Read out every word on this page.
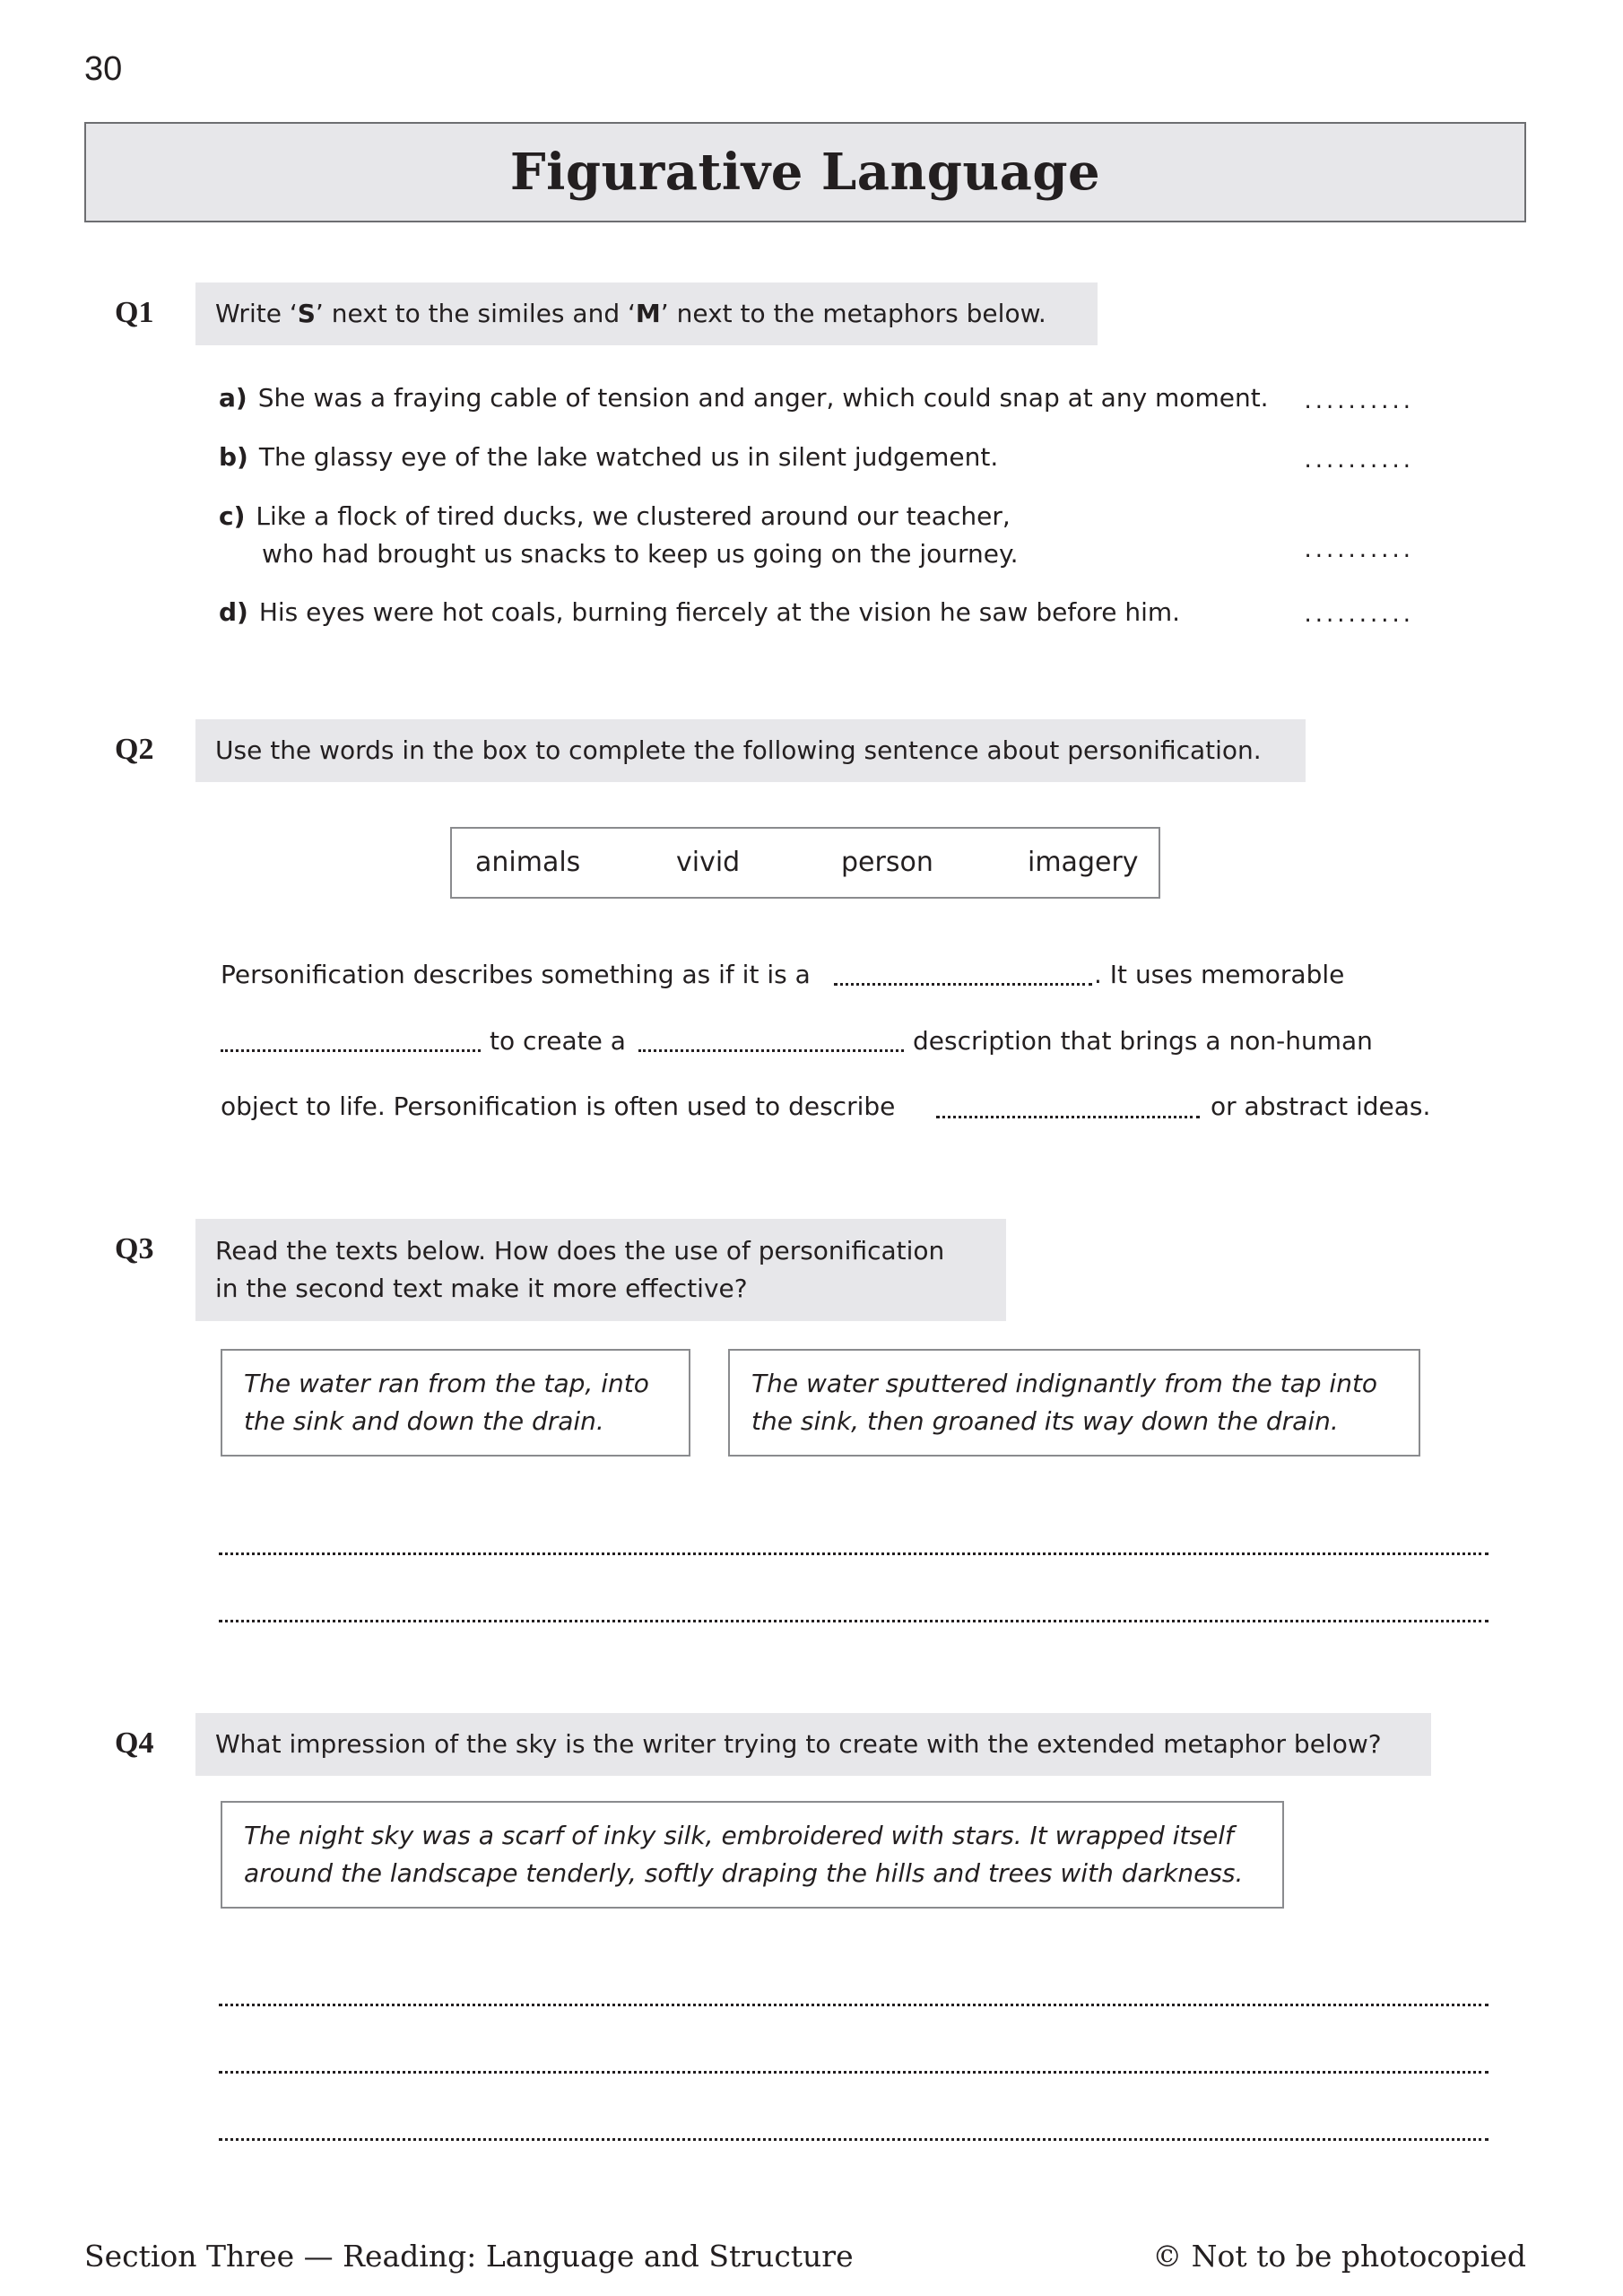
30
Figurative Language
Q1 Write ‘S’ next to the similes and ‘M’ next to the metaphors below.
a) She was a fraying cable of tension and anger, which could snap at any moment. ..........
b) The glassy eye of the lake watched us in silent judgement.	..........
c) Like a flock of tired ducks, we clustered around our teacher,
who had brought us snacks to keep us going on the journey.	..........
d) His eyes were hot coals, burning fiercely at the vision he saw before him.	..........
Q2 Use the words in the box to complete the following sentence about personification.
animals	vivid	person	imagery
Personification describes something as if it is a	. It uses memorable
to create a	description that brings a non-human
object to life. Personification is often used to describe	or abstract ideas.
Q3 Read the texts below. How does the use of personification
in the second text make it more effective?
The water ran from the tap, into
the sink and down the drain.
The water sputtered indignantly from the tap into
the sink, then groaned its way down the drain.
Q4 What impression of the sky is the writer trying to create with the extended metaphor below?
The night sky was a scarf of inky silk, embroidered with stars. It wrapped itself
around the landscape tenderly, softly draping the hills and trees with darkness.
Section Three — Reading: Language and Structure	© Not to be photocopied
